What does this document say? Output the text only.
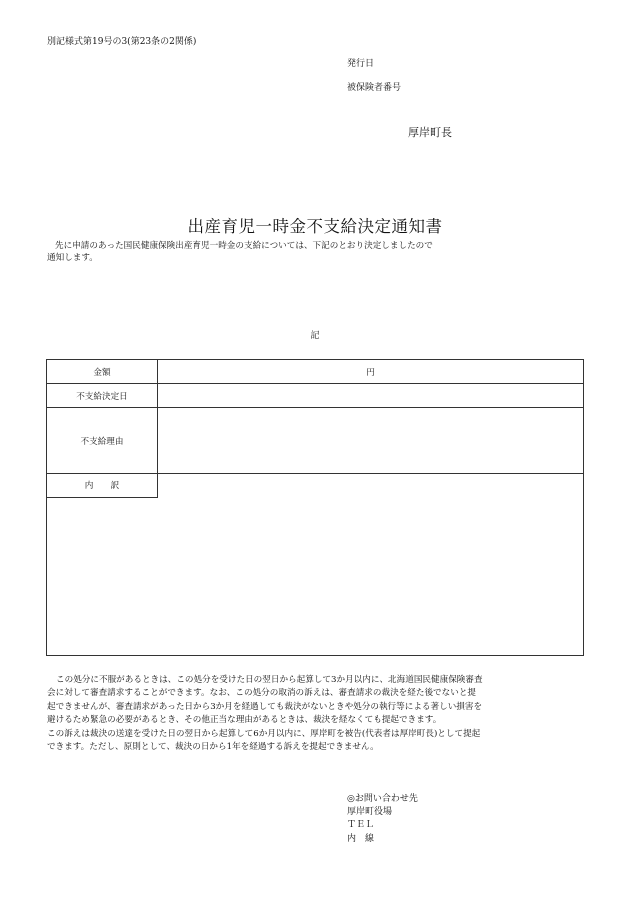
別記様式第19号の3(第23条の2関係)
発行日
被保険者番号
厚岸町長
出産育児一時金不支給決定通知書
先に申請のあった国民健康保険出産育児一時金の支給については、下記のとおり決定しましたので
通知します。
記
金額	円
不支給決定日	
不支給理由	

内　　訳	
この処分に不服があるときは、この処分を受けた日の翌日から起算して3か月以内に、北海道国民健康保険審査
会に対して審査請求することができます。なお、この処分の取消の訴えは、審査請求の裁決を経た後でないと提
起できませんが、審査請求があった日から3か月を経過しても裁決がないときや処分の執行等による著しい損害を
避けるため緊急の必要があるとき、その他正当な理由があるときは、裁決を経なくても提起できます。
この訴えは裁決の送達を受けた日の翌日から起算して6か月以内に、厚岸町を被告(代表者は厚岸町長)として提起
できます。ただし、原則として、裁決の日から1年を経過する訴えを提起できません。
◎お問い合わせ先
厚岸町役場
ＴＥＬ
内　線
